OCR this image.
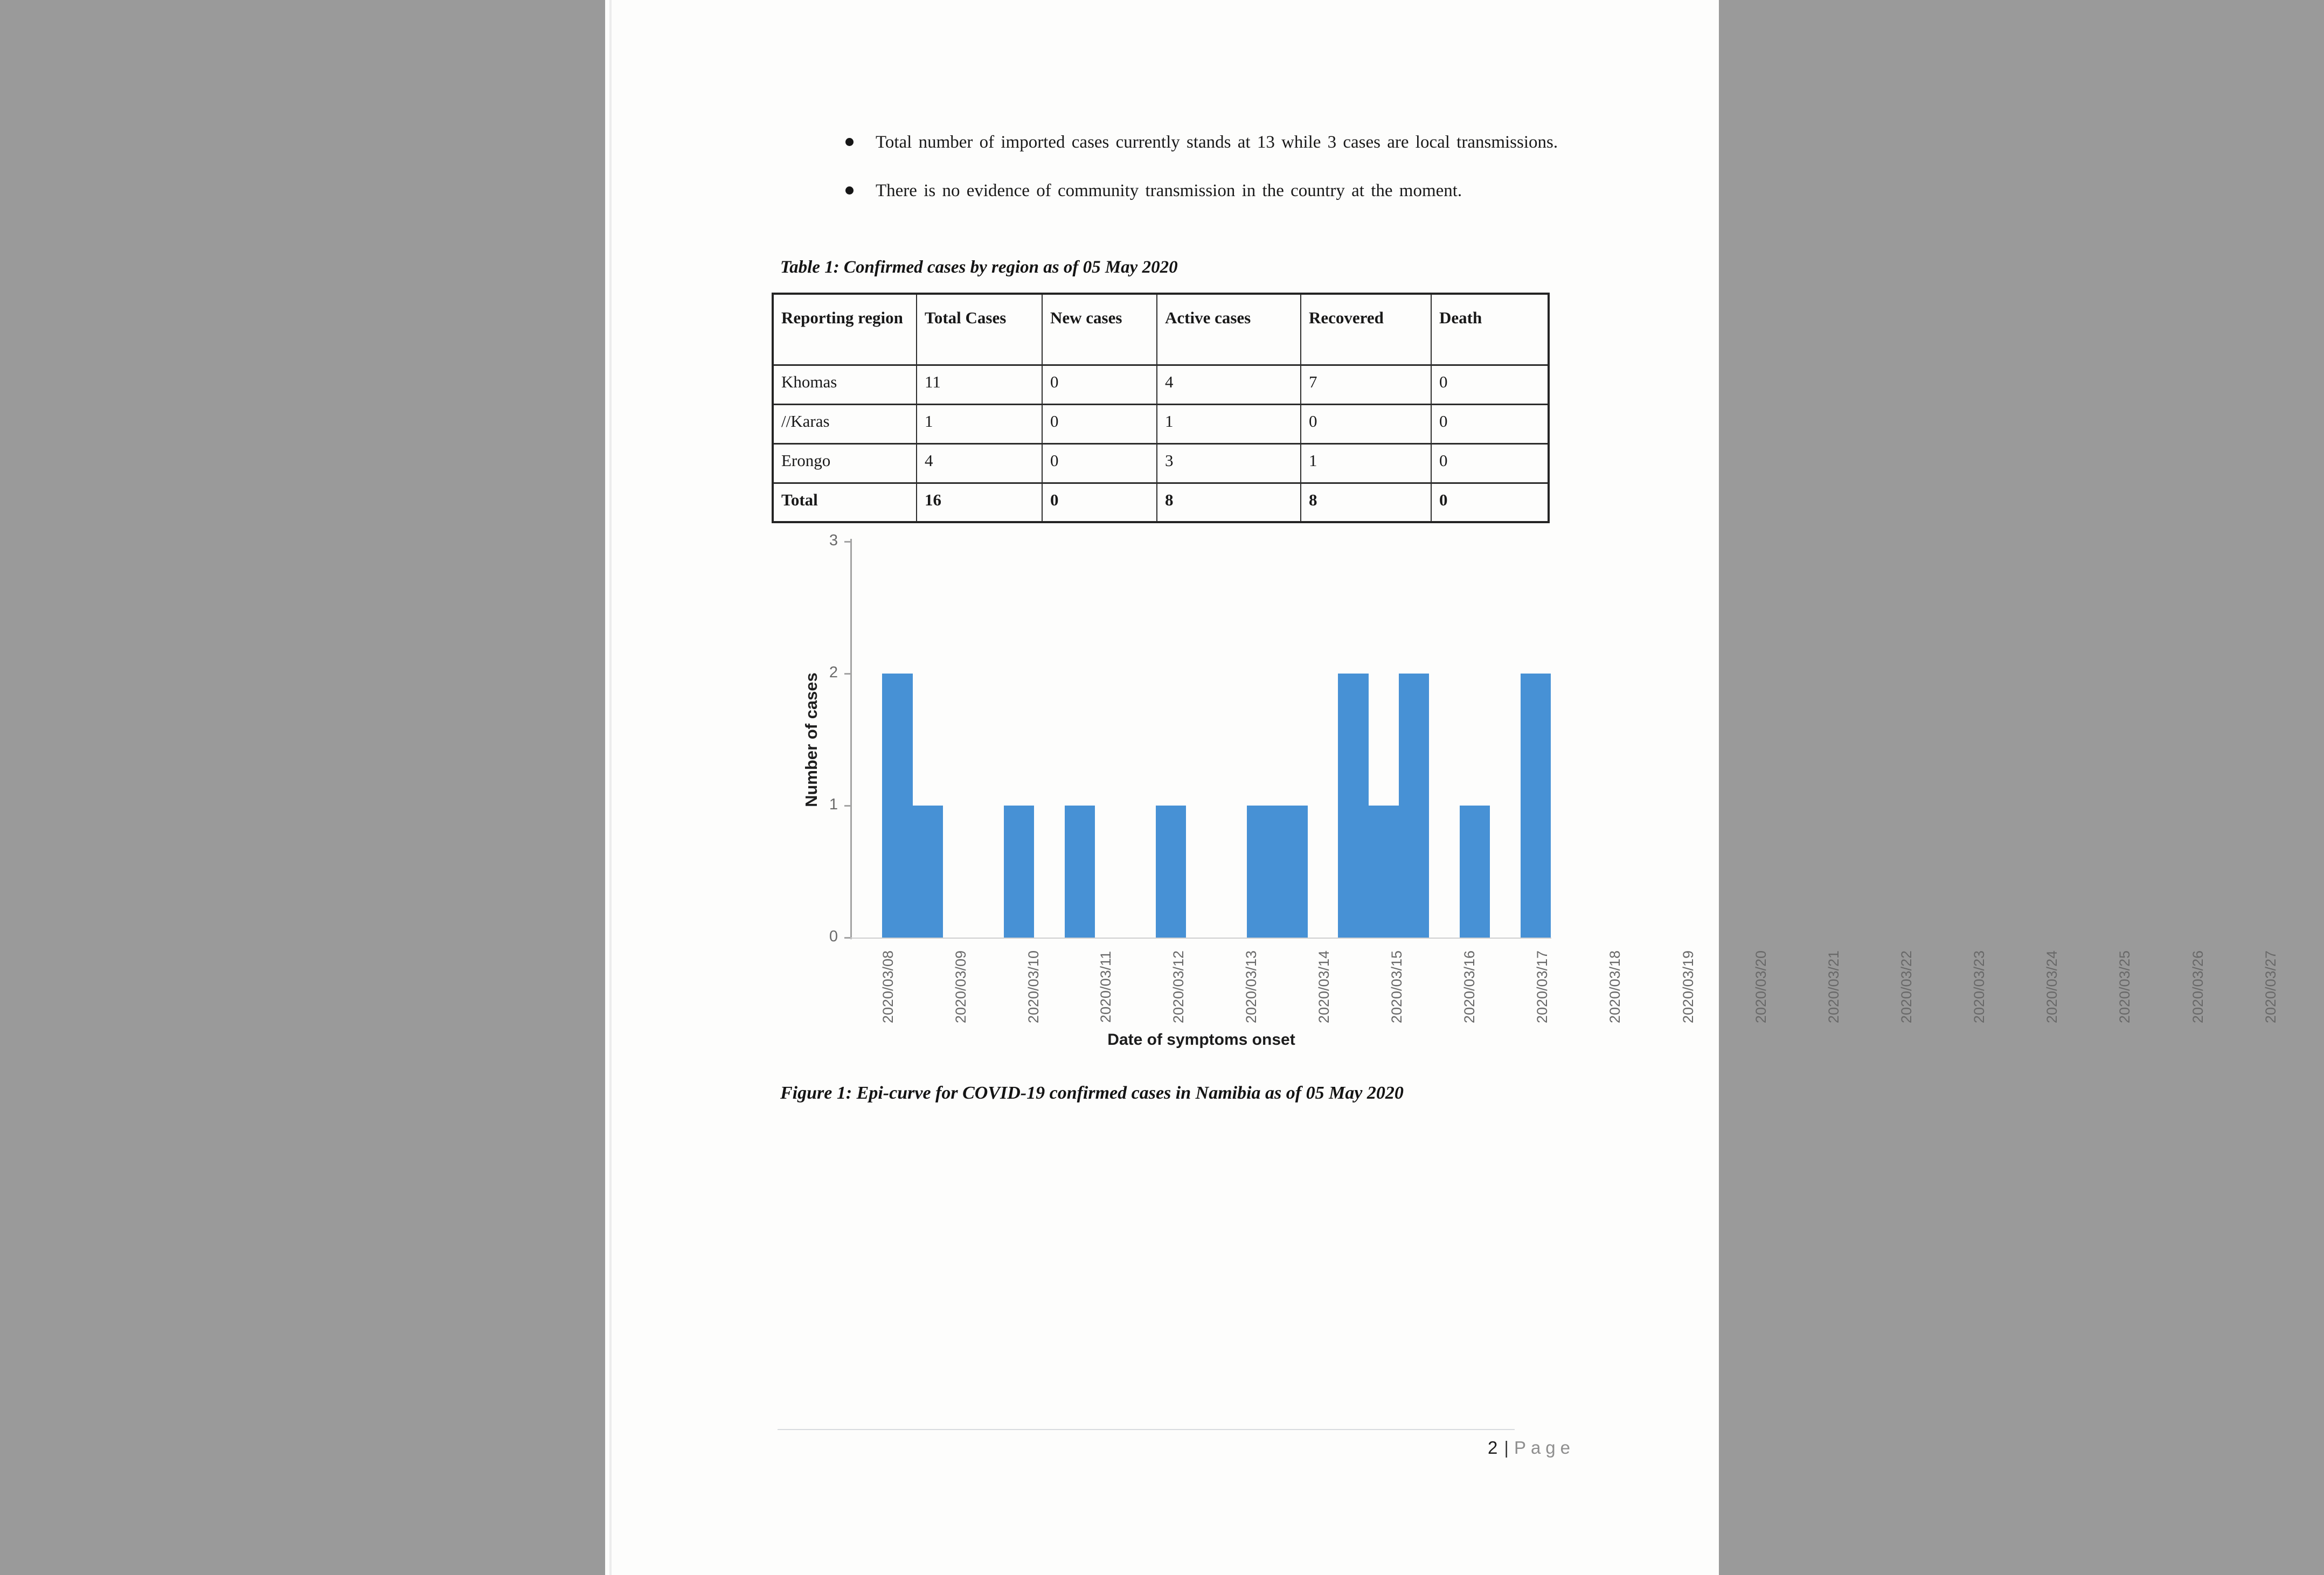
Total number of imported cases currently stands at 13 while 3 cases are local transmissions.
There is no evidence of community transmission in the country at the moment.
Table 1: Confirmed cases by region as of 05 May 2020
Reporting region	Total Cases	New cases	Active cases	Recovered	Death
Khomas	11	0	4	7	0
//Karas	1	0	1	0	0
Erongo	4	0	3	1	0
Total	16	0	8	8	0
Number of cases
3
2
1
0
2020/03/08	2020/03/09	2020/03/10	2020/03/11	2020/03/12	2020/03/13	2020/03/14	2020/03/15	2020/03/16	2020/03/17	2020/03/18	2020/03/19	2020/03/20	2020/03/21	2020/03/22	2020/03/23	2020/03/24	2020/03/25	2020/03/26	2020/03/27
Date of symptoms onset
Figure 1: Epi-curve for COVID-19 confirmed cases in Namibia as of 05 May 2020
2 | Page
